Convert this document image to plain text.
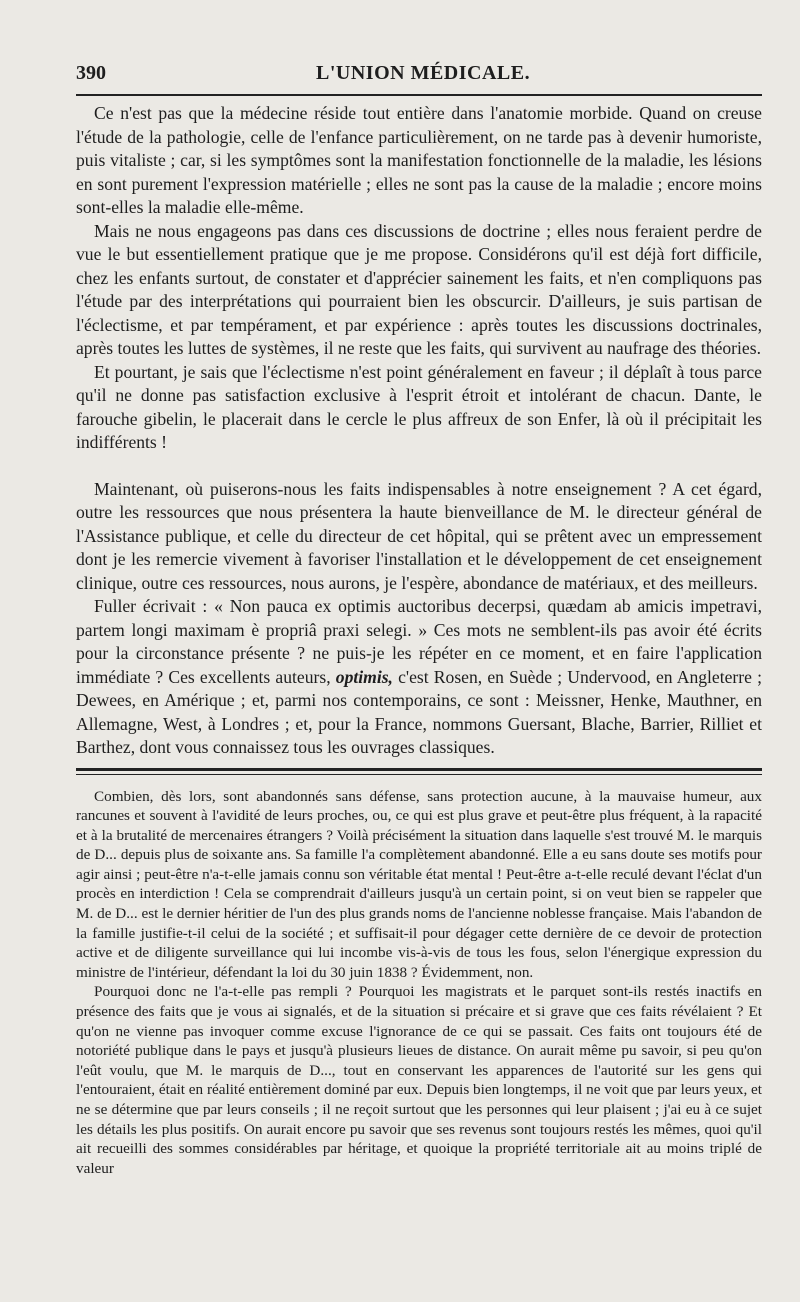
390	L'UNION MÉDICALE.

Ce n'est pas que la médecine réside tout entière dans l'anatomie morbide. Quand on creuse l'étude de la pathologie, celle de l'enfance particulièrement, on ne tarde pas à devenir humoriste, puis vitaliste ; car, si les symptômes sont la manifestation fonctionnelle de la maladie, les lésions en sont purement l'expression matérielle ; elles ne sont pas la cause de la maladie ; encore moins sont-elles la maladie elle-même.

Mais ne nous engageons pas dans ces discussions de doctrine ; elles nous feraient perdre de vue le but essentiellement pratique que je me propose. Considérons qu'il est déjà fort difficile, chez les enfants surtout, de constater et d'apprécier sainement les faits, et n'en compliquons pas l'étude par des interprétations qui pourraient bien les obscurcir. D'ailleurs, je suis partisan de l'éclectisme, et par tempérament, et par expérience : après toutes les discussions doctrinales, après toutes les luttes de systèmes, il ne reste que les faits, qui survivent au naufrage des théories.

Et pourtant, je sais que l'éclectisme n'est point généralement en faveur ; il déplaît à tous parce qu'il ne donne pas satisfaction exclusive à l'esprit étroit et intolérant de chacun. Dante, le farouche gibelin, le placerait dans le cercle le plus affreux de son Enfer, là où il précipitait les indifférents !

Maintenant, où puiserons-nous les faits indispensables à notre enseignement ? A cet égard, outre les ressources que nous présentera la haute bienveillance de M. le directeur général de l'Assistance publique, et celle du directeur de cet hôpital, qui se prêtent avec un empressement dont je les remercie vivement à favoriser l'installation et le développement de cet enseignement clinique, outre ces ressources, nous aurons, je l'espère, abondance de matériaux, et des meilleurs.

Fuller écrivait : « Non pauca ex optimis auctoribus decerpsi, quædam ab amicis impetravi, partem longi maximam è propriâ praxi selegi. » Ces mots ne semblent-ils pas avoir été écrits pour la circonstance présente ? ne puis-je les répéter en ce moment, et en faire l'application immédiate ? Ces excellents auteurs, optimis, c'est Rosen, en Suède ; Undervood, en Angleterre ; Dewees, en Amérique ; et, parmi nos contemporains, ce sont : Meissner, Henke, Mauthner, en Allemagne, West, à Londres ; et, pour la France, nommons Guersant, Blache, Barrier, Rilliet et Barthez, dont vous connaissez tous les ouvrages classiques.

Combien, dès lors, sont abandonnés sans défense, sans protection aucune, à la mauvaise humeur, aux rancunes et souvent à l'avidité de leurs proches, ou, ce qui est plus grave et peut-être plus fréquent, à la rapacité et à la brutalité de mercenaires étrangers ? Voilà précisément la situation dans laquelle s'est trouvé M. le marquis de D... depuis plus de soixante ans. Sa famille l'a complètement abandonné. Elle a eu sans doute ses motifs pour agir ainsi ; peut-être n'a-t-elle jamais connu son véritable état mental ! Peut-être a-t-elle reculé devant l'éclat d'un procès en interdiction ! Cela se comprendrait d'ailleurs jusqu'à un certain point, si on veut bien se rappeler que M. de D... est le dernier héritier de l'un des plus grands noms de l'ancienne noblesse française. Mais l'abandon de la famille justifie-t-il celui de la société ; et suffisait-il pour dégager cette dernière de ce devoir de protection active et de diligente surveillance qui lui incombe vis-à-vis de tous les fous, selon l'énergique expression du ministre de l'intérieur, défendant la loi du 30 juin 1838 ? Évidemment, non.

Pourquoi donc ne l'a-t-elle pas rempli ? Pourquoi les magistrats et le parquet sont-ils restés inactifs en présence des faits que je vous ai signalés, et de la situation si précaire et si grave que ces faits révélaient ? Et qu'on ne vienne pas invoquer comme excuse l'ignorance de ce qui se passait. Ces faits ont toujours été de notoriété publique dans le pays et jusqu'à plusieurs lieues de distance. On aurait même pu savoir, si peu qu'on l'eût voulu, que M. le marquis de D..., tout en conservant les apparences de l'autorité sur les gens qui l'entouraient, était en réalité entièrement dominé par eux. Depuis bien longtemps, il ne voit que par leurs yeux, et ne se détermine que par leurs conseils ; il ne reçoit surtout que les personnes qui leur plaisent ; j'ai eu à ce sujet les détails les plus positifs. On aurait encore pu savoir que ses revenus sont toujours restés les mêmes, quoi qu'il ait recueilli des sommes considérables par héritage, et quoique la propriété territoriale ait au moins triplé de valeur
